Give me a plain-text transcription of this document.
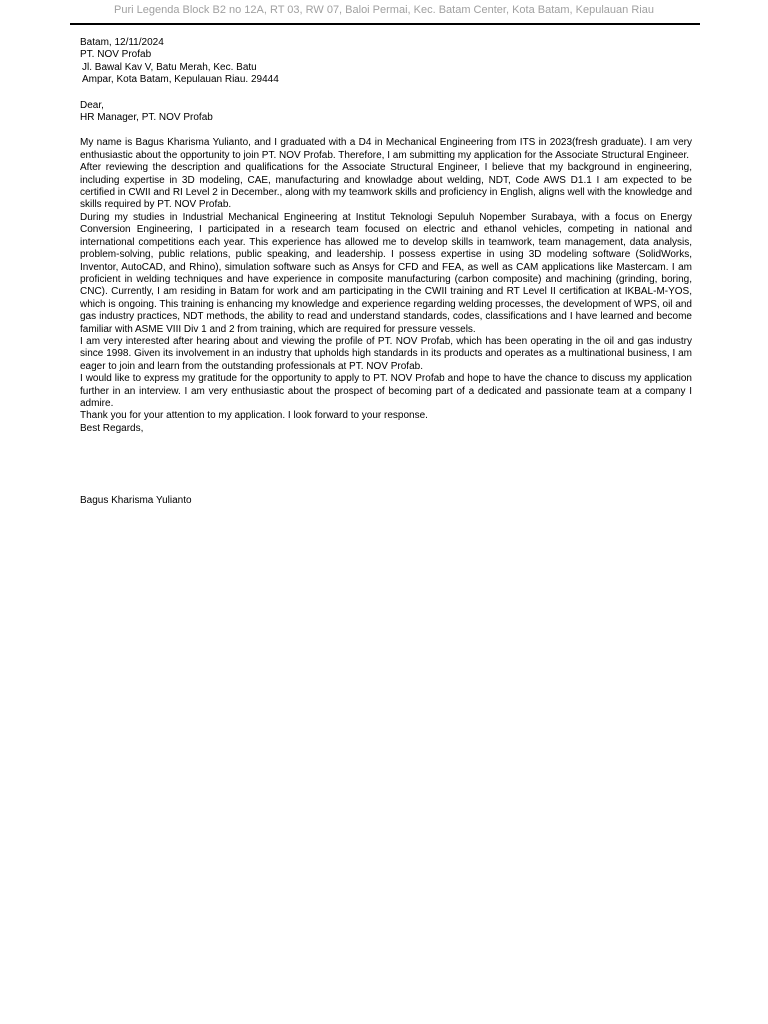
Puri Legenda Block B2 no 12A, RT 03, RW 07, Baloi Permai, Kec. Batam Center, Kota Batam, Kepulauan Riau

Batam, 12/11/2024

PT. NOV Profab

Jl. Bawal Kav V, Batu Merah, Kec. Batu

Ampar, Kota Batam, Kepulauan Riau. 29444

Dear,

HR Manager, PT. NOV Profab

My name is Bagus Kharisma Yulianto, and I graduated with a D4 in Mechanical Engineering from ITS in 2023(fresh graduate). I am very enthusiastic about the opportunity to join PT. NOV Profab. Therefore, I am submitting my application for the Associate Structural Engineer.

After reviewing the description and qualifications for the Associate Structural Engineer, I believe that my background in engineering, including expertise in 3D modeling, CAE, manufacturing and knowladge about welding, NDT, Code AWS D1.1 I am expected to be certified in CWII and RI Level 2 in December., along with my teamwork skills and proficiency in English, aligns well with the knowledge and skills required by PT. NOV Profab.

During my studies in Industrial Mechanical Engineering at Institut Teknologi Sepuluh Nopember Surabaya, with a focus on Energy Conversion Engineering, I participated in a research team focused on electric and ethanol vehicles, competing in national and international competitions each year. This experience has allowed me to develop skills in teamwork, team management, data analysis, problem-solving, public relations, public speaking, and leadership. I possess expertise in using 3D modeling software (SolidWorks, Inventor, AutoCAD, and Rhino), simulation software such as Ansys for CFD and FEA, as well as CAM applications like Mastercam. I am proficient in welding techniques and have experience in composite manufacturing (carbon composite) and machining (grinding, boring, CNC). Currently, I am residing in Batam for work and am participating in the CWII training and RT Level II certification at IKBAL-M-YOS, which is ongoing. This training is enhancing my knowledge and experience regarding welding processes, the development of WPS, oil and gas industry practices, NDT methods, the ability to read and understand standards, codes, classifications and I have learned and become familiar with ASME VIII Div 1 and 2 from training, which are required for pressure vessels.

I am very interested after hearing about and viewing the profile of PT. NOV Profab, which has been operating in the oil and gas industry since 1998. Given its involvement in an industry that upholds high standards in its products and operates as a multinational business, I am eager to join and learn from the outstanding professionals at PT. NOV Profab.

I would like to express my gratitude for the opportunity to apply to PT. NOV Profab and hope to have the chance to discuss my application further in an interview. I am very enthusiastic about the prospect of becoming part of a dedicated and passionate team at a company I admire.

Thank you for your attention to my application. I look forward to your response.

Best Regards,

Bagus Kharisma Yulianto
